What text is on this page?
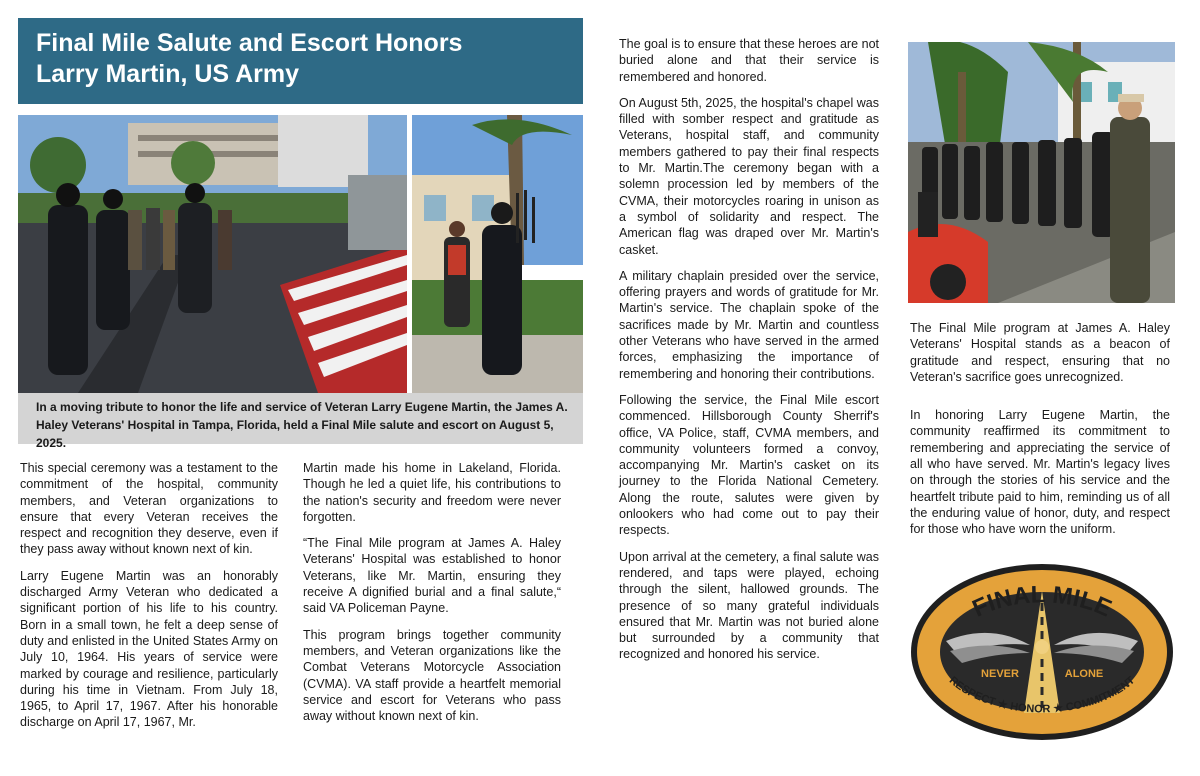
Final Mile Salute and Escort Honors
Larry Martin, US Army
In a moving tribute to honor the life and service of Veteran Larry Eugene Martin, the James A. Haley Veterans' Hospital in Tampa, Florida, held a Final Mile salute and escort on August 5, 2025.

This special ceremony was a testament to the commitment of the hospital, community members, and Veteran organizations to ensure that every Veteran receives the respect and recognition they deserve, even if they pass away without known next of kin.

Larry Eugene Martin was an honorably discharged Army Veteran who dedicated a significant portion of his life to his country. Born in a small town, he felt a deep sense of duty and enlisted in the United States Army on July 10, 1964. His years of service were marked by courage and resilience, particularly during his time in Vietnam. From July 18, 1965, to April 17, 1967. After his honorable discharge on April 17, 1967, Mr.

Martin made his home in Lakeland, Florida. Though he led a quiet life, his contributions to the nation's security and freedom were never forgotten.

“The Final Mile program at James A. Haley Veterans' Hospital was established to honor Veterans, like Mr. Martin, ensuring they receive A dignified burial and a final salute,“ said VA Policeman Payne.

This program brings together community members, and Veteran organizations like the Combat Veterans Motorcycle Association (CVMA). VA staff provide a heartfelt memorial service and escort for Veterans who pass away without known next of kin.

The goal is to ensure that these heroes are not buried alone and that their service is remembered and honored.

On August 5th, 2025, the hospital's chapel was filled with somber respect and gratitude as Veterans, hospital staff, and community members gathered to pay their final respects to Mr. Martin.The ceremony began with a solemn procession led by members of the CVMA, their motorcycles roaring in unison as a symbol of solidarity and respect. The American flag was draped over Mr. Martin's casket.

A military chaplain presided over the service, offering prayers and words of gratitude for Mr. Martin's service. The chaplain spoke of the sacrifices made by Mr. Martin and countless other Veterans who have served in the armed forces, emphasizing the importance of remembering and honoring their contributions.

Following the service, the Final Mile escort commenced. Hillsborough County Sherrif's office, VA Police, staff, CVMA members, and community volunteers formed a convoy, accompanying Mr. Martin's casket on its journey to the Florida National Cemetery. Along the route, salutes were given by onlookers who had come out to pay their respects.

Upon arrival at the cemetery, a final salute was rendered, and taps were played, echoing through the silent, hallowed grounds. The presence of so many grateful individuals ensured that Mr. Martin was not buried alone but surrounded by a community that recognized and honored his service.

The Final Mile program at James A. Haley Veterans' Hospital stands as a beacon of gratitude and respect, ensuring that no Veteran's sacrifice goes unrecognized.

In honoring Larry Eugene Martin, the community reaffirmed its commitment to remembering and appreciating the service of all who have served. Mr. Martin's legacy lives on through the stories of his service and the heartfelt tribute paid to him, reminding us of all the enduring value of honor, duty, and respect for those who have worn the uniform.

FINAL MILE
NEVER	ALONE
RESPECT ★ HONOR ★ COMMITMENT
